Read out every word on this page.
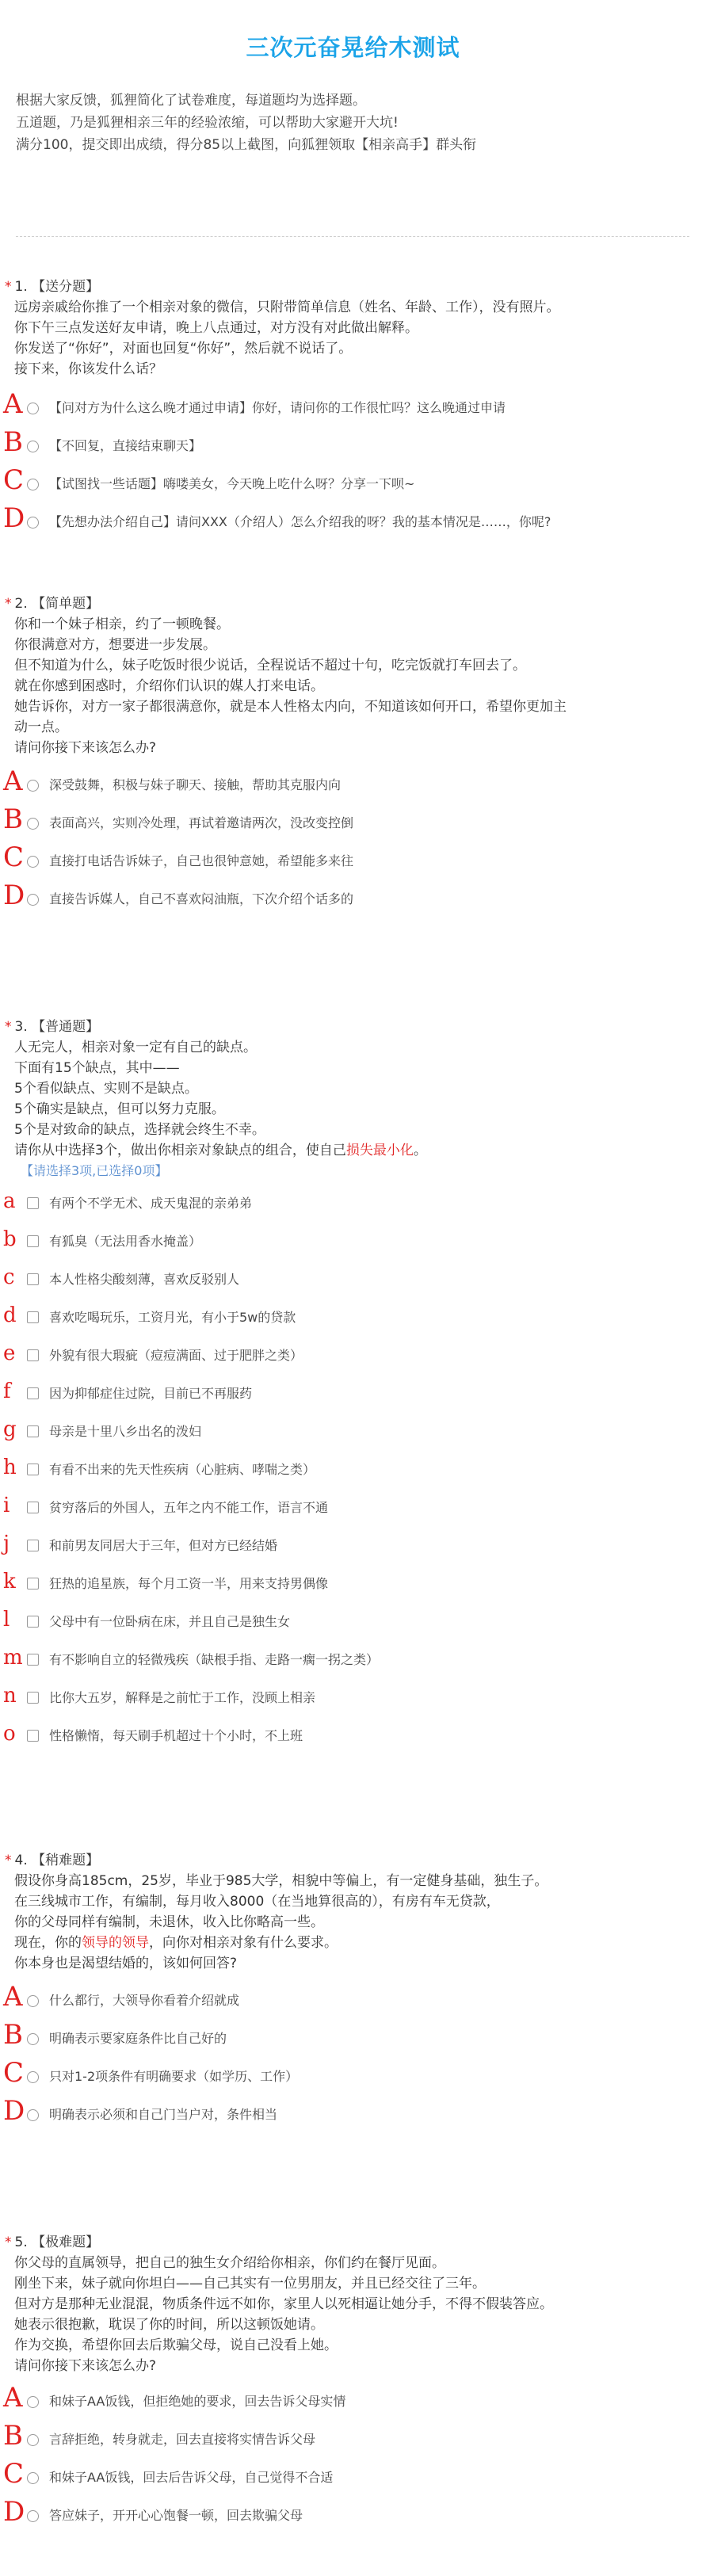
三次元奋晃给木测试
根据大家反馈，狐狸简化了试卷难度，每道题均为选择题。
五道题，乃是狐狸相亲三年的经验浓缩，可以帮助大家避开大坑!
满分100，提交即出成绩，得分85以上截图，向狐狸领取【相亲高手】群头衔
* 1. 【送分题】
远房亲戚给你推了一个相亲对象的微信，只附带简单信息（姓名、年龄、工作），没有照片。
你下午三点发送好友申请，晚上八点通过，对方没有对此做出解释。
你发送了“你好”，对面也回复“你好”，然后就不说话了。
接下来，你该发什么话？
A 【问对方为什么这么晚才通过申请】你好，请问你的工作很忙吗？这么晚通过申请
B 【不回复，直接结束聊天】
C 【试图找一些话题】嗨喽美女，今天晚上吃什么呀？分享一下呗~
D 【先想办法介绍自己】请问XXX（介绍人）怎么介绍我的呀？我的基本情况是……，你呢?
* 2. 【简单题】
你和一个妹子相亲，约了一顿晚餐。
你很满意对方，想要进一步发展。
但不知道为什么，妹子吃饭时很少说话，全程说话不超过十句，吃完饭就打车回去了。
就在你感到困惑时，介绍你们认识的媒人打来电话。
她告诉你，对方一家子都很满意你，就是本人性格太内向，不知道该如何开口，希望你更加主
动一点。
请问你接下来该怎么办?
A 深受鼓舞，积极与妹子聊天、接触，帮助其克服内向
B 表面高兴，实则冷处理，再试着邀请两次，没改变控倒
C 直接打电话告诉妹子，自己也很钟意她，希望能多来往
D 直接告诉媒人，自己不喜欢闷油瓶，下次介绍个话多的
* 3. 【普通题】
人无完人，相亲对象一定有自己的缺点。
下面有15个缺点，其中——
5个看似缺点、实则不是缺点。
5个确实是缺点，但可以努力克服。
5个是对致命的缺点，选择就会终生不幸。
请你从中选择3个，做出你相亲对象缺点的组合，使自己损失最小化。
【请选择3项,已选择0项】
a	有两个不学无术、成天鬼混的亲弟弟
b	有狐臭（无法用香水掩盖）
c	本人性格尖酸刻薄，喜欢反驳别人
d	喜欢吃喝玩乐，工资月光，有小于5w的贷款
e	外貌有很大瑕疵（痘痘满面、过于肥胖之类）
f	因为抑郁症住过院，目前已不再服药
g	母亲是十里八乡出名的泼妇
h	有看不出来的先天性疾病（心脏病、哮喘之类）
i	贫穷落后的外国人，五年之内不能工作，语言不通
j	和前男友同居大于三年，但对方已经结婚
k	狂热的追星族，每个月工资一半，用来支持男偶像
l	父母中有一位卧病在床，并且自己是独生女
m 有不影响自立的轻微残疾（缺根手指、走路一瘸一拐之类）
n	比你大五岁，解释是之前忙于工作，没顾上相亲
o	性格懒惰，每天刷手机超过十个小时，不上班
* 4. 【稍难题】
假设你身高185cm，25岁，毕业于985大学，相貌中等偏上，有一定健身基础，独生子。
在三线城市工作，有编制，每月收入8000（在当地算很高的），有房有车无贷款，
你的父母同样有编制，未退休，收入比你略高一些。
现在，你的领导的领导，向你对相亲对象有什么要求。
你本身也是渴望结婚的，该如何回答?
A 什么都行，大领导你看着介绍就成
B 明确表示要家庭条件比自己好的
C 只对1-2项条件有明确要求（如学历、工作）
D 明确表示必须和自己门当户对，条件相当
* 5. 【极难题】
你父母的直属领导，把自己的独生女介绍给你相亲，你们约在餐厅见面。
刚坐下来，妹子就向你坦白——自己其实有一位男朋友，并且已经交往了三年。
但对方是那种无业混混，物质条件远不如你，家里人以死相逼让她分手，不得不假装答应。
她表示很抱歉，耽误了你的时间，所以这顿饭她请。
作为交换，希望你回去后欺骗父母，说自己没看上她。
请问你接下来该怎么办?
A 和妹子AA饭钱，但拒绝她的要求，回去告诉父母实情
B 言辞拒绝，转身就走，回去直接将实情告诉父母
C 和妹子AA饭钱，回去后告诉父母，自己觉得不合适
D 答应妹子，开开心心饱餐一顿，回去欺骗父母
